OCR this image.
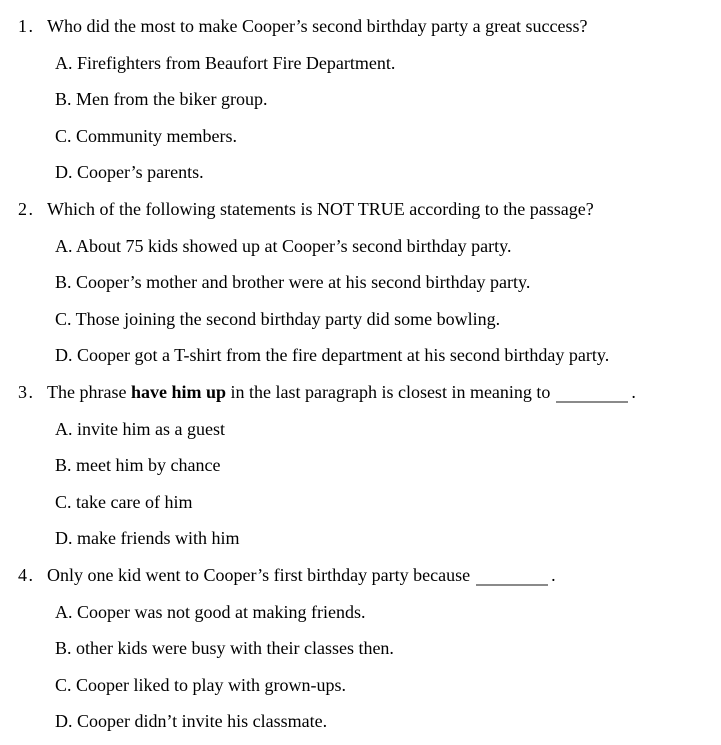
1. Who did the most to make Cooper’s second birthday party a great success?
A. Firefighters from Beaufort Fire Department.
B. Men from the biker group.
C. Community members.
D. Cooper’s parents.
2. Which of the following statements is NOT TRUE according to the passage?
A. About 75 kids showed up at Cooper’s second birthday party.
B. Cooper’s mother and brother were at his second birthday party.
C. Those joining the second birthday party did some bowling.
D. Cooper got a T-shirt from the fire department at his second birthday party.
3. The phrase have him up in the last paragraph is closest in meaning to	.
A. invite him as a guest
B. meet him by chance
C. take care of him
D. make friends with him
4. Only one kid went to Cooper’s first birthday party because	.
A. Cooper was not good at making friends.
B. other kids were busy with their classes then.
C. Cooper liked to play with grown-ups.
D. Cooper didn’t invite his classmate.
